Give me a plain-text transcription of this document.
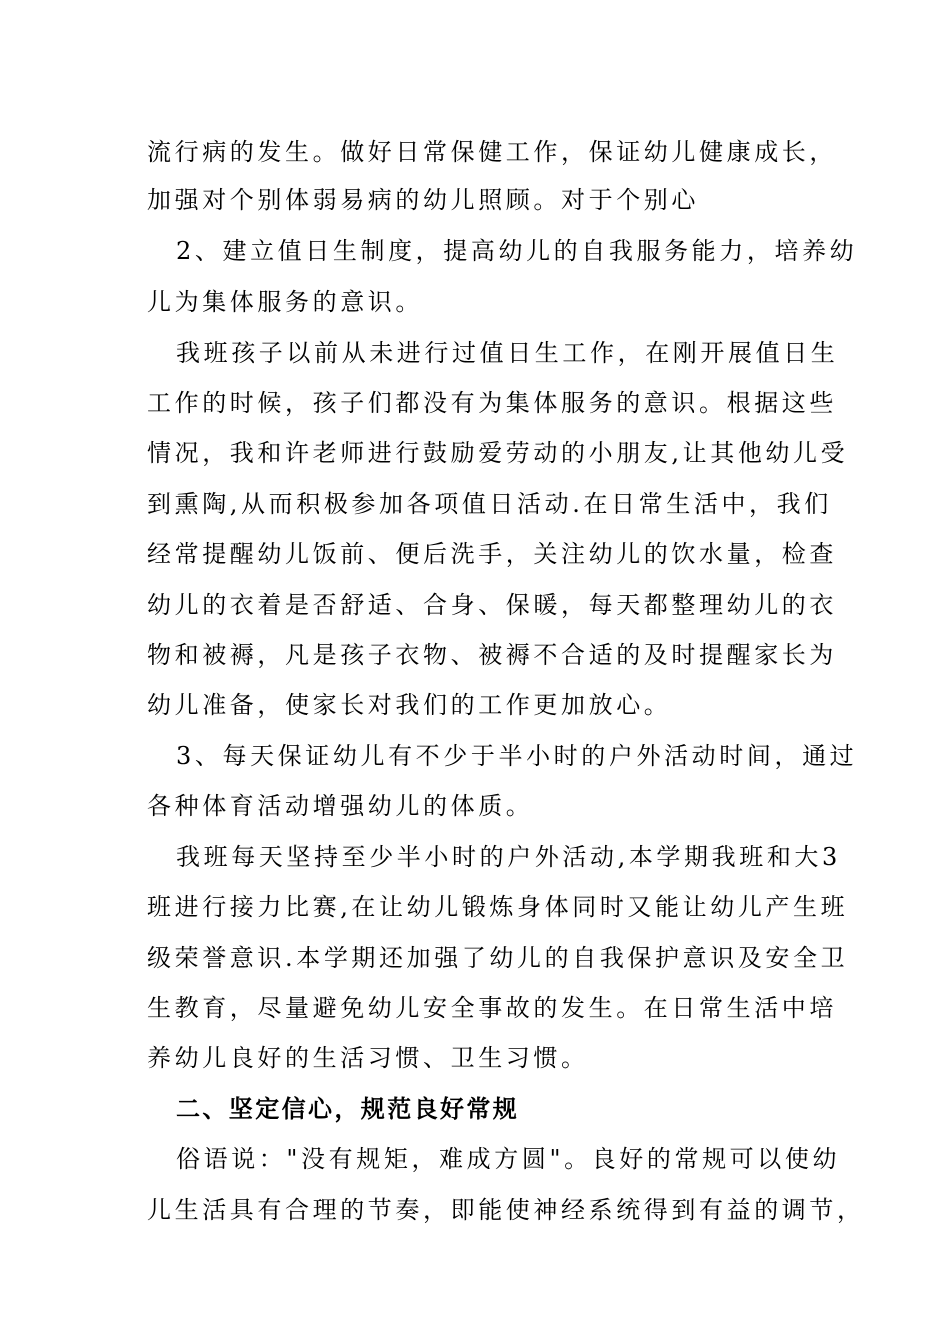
流行病的发生。做好日常保健工作，保证幼儿健康成长，
加强对个别体弱易病的幼儿照顾。对于个别心
2、建立值日生制度，提高幼儿的自我服务能力，培养幼
儿为集体服务的意识。
我班孩子以前从未进行过值日生工作，在刚开展值日生
工作的时候，孩子们都没有为集体服务的意识。根据这些
情况，我和许老师进行鼓励爱劳动的小朋友,让其他幼儿受
到熏陶,从而积极参加各项值日活动.在日常生活中，我们
经常提醒幼儿饭前、便后洗手，关注幼儿的饮水量，检查
幼儿的衣着是否舒适、合身、保暖，每天都整理幼儿的衣
物和被褥，凡是孩子衣物、被褥不合适的及时提醒家长为
幼儿准备，使家长对我们的工作更加放心。
3、每天保证幼儿有不少于半小时的户外活动时间，通过
各种体育活动增强幼儿的体质。
我班每天坚持至少半小时的户外活动,本学期我班和大3
班进行接力比赛,在让幼儿锻炼身体同时又能让幼儿产生班
级荣誉意识.本学期还加强了幼儿的自我保护意识及安全卫
生教育，尽量避免幼儿安全事故的发生。在日常生活中培
养幼儿良好的生活习惯、卫生习惯。
二、坚定信心，规范良好常规
俗语说："没有规矩，难成方圆"。良好的常规可以使幼
儿生活具有合理的节奏，即能使神经系统得到有益的调节，
